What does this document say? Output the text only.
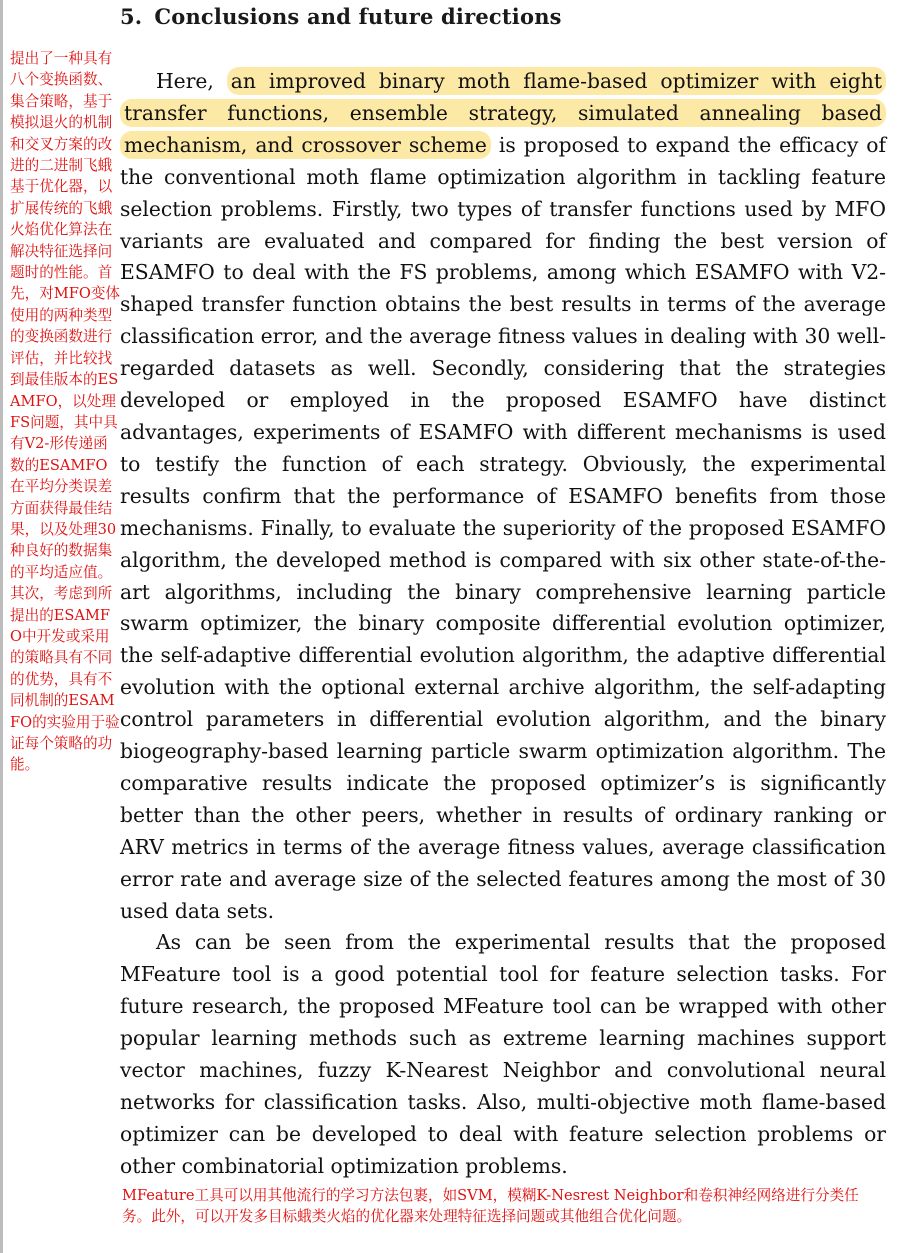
5. Conclusions and future directions

Here, an improved binary moth flame-based optimizer with eight transfer functions, ensemble strategy, simulated annealing based mechanism, and crossover scheme is proposed to expand the efficacy of the conventional moth flame optimization algorithm in tackling feature selection problems. Firstly, two types of transfer functions used by MFO variants are evaluated and compared for finding the best version of ESAMFO to deal with the FS problems, among which ESAMFO with V2-shaped transfer function obtains the best results in terms of the average classification error, and the average fitness values in dealing with 30 well-regarded datasets as well. Secondly, considering that the strategies developed or employed in the proposed ESAMFO have distinct advantages, experiments of ESAMFO with different mechanisms is used to testify the function of each strategy. Obviously, the experimental results confirm that the performance of ESAMFO benefits from those mechanisms. Finally, to evaluate the superiority of the proposed ESAMFO algorithm, the developed method is compared with six other state-of-the-art algorithms, including the binary comprehensive learning particle swarm optimizer, the binary composite differential evolution optimizer, the self-adaptive differential evolution algorithm, the adaptive differential evolution with the optional external archive algorithm, the self-adapting control parameters in differential evolution algorithm, and the binary biogeography-based learning particle swarm optimization algorithm. The comparative results indicate the proposed optimizer’s is significantly better than the other peers, whether in results of ordinary ranking or ARV metrics in terms of the average fitness values, average classification error rate and average size of the selected features among the most of 30 used data sets.

As can be seen from the experimental results that the proposed MFeature tool is a good potential tool for feature selection tasks. For future research, the proposed MFeature tool can be wrapped with other popular learning methods such as extreme learning machines support vector machines, fuzzy K-Nearest Neighbor and convolutional neural networks for classification tasks. Also, multi-objective moth flame-based optimizer can be developed to deal with feature selection problems or other combinatorial optimization problems.

提出了一种具有八个变换函数、集合策略，基于模拟退火的机制和交叉方案的改进的二进制飞蛾基于优化器，以扩展传统的飞蛾火焰优化算法在解决特征选择问题时的性能。首先，对MFO变体使用的两种类型的变换函数进行评估，并比较找到最佳版本的ESAMFO，以处理FS问题，其中具有V2-形传递函数的ESAMFO在平均分类误差方面获得最佳结果，以及处理30种良好的数据集的平均适应值。其次，考虑到所提出的ESAMFO中开发或采用的策略具有不同的优势，具有不同机制的ESAMFO的实验用于验证每个策略的功能。

MFeature工具可以用其他流行的学习方法包裹，如SVM，模糊K-Nesrest Neighbor和卷积神经网络进行分类任务。此外，可以开发多目标蛾类火焰的优化器来处理特征选择问题或其他组合优化问题。
